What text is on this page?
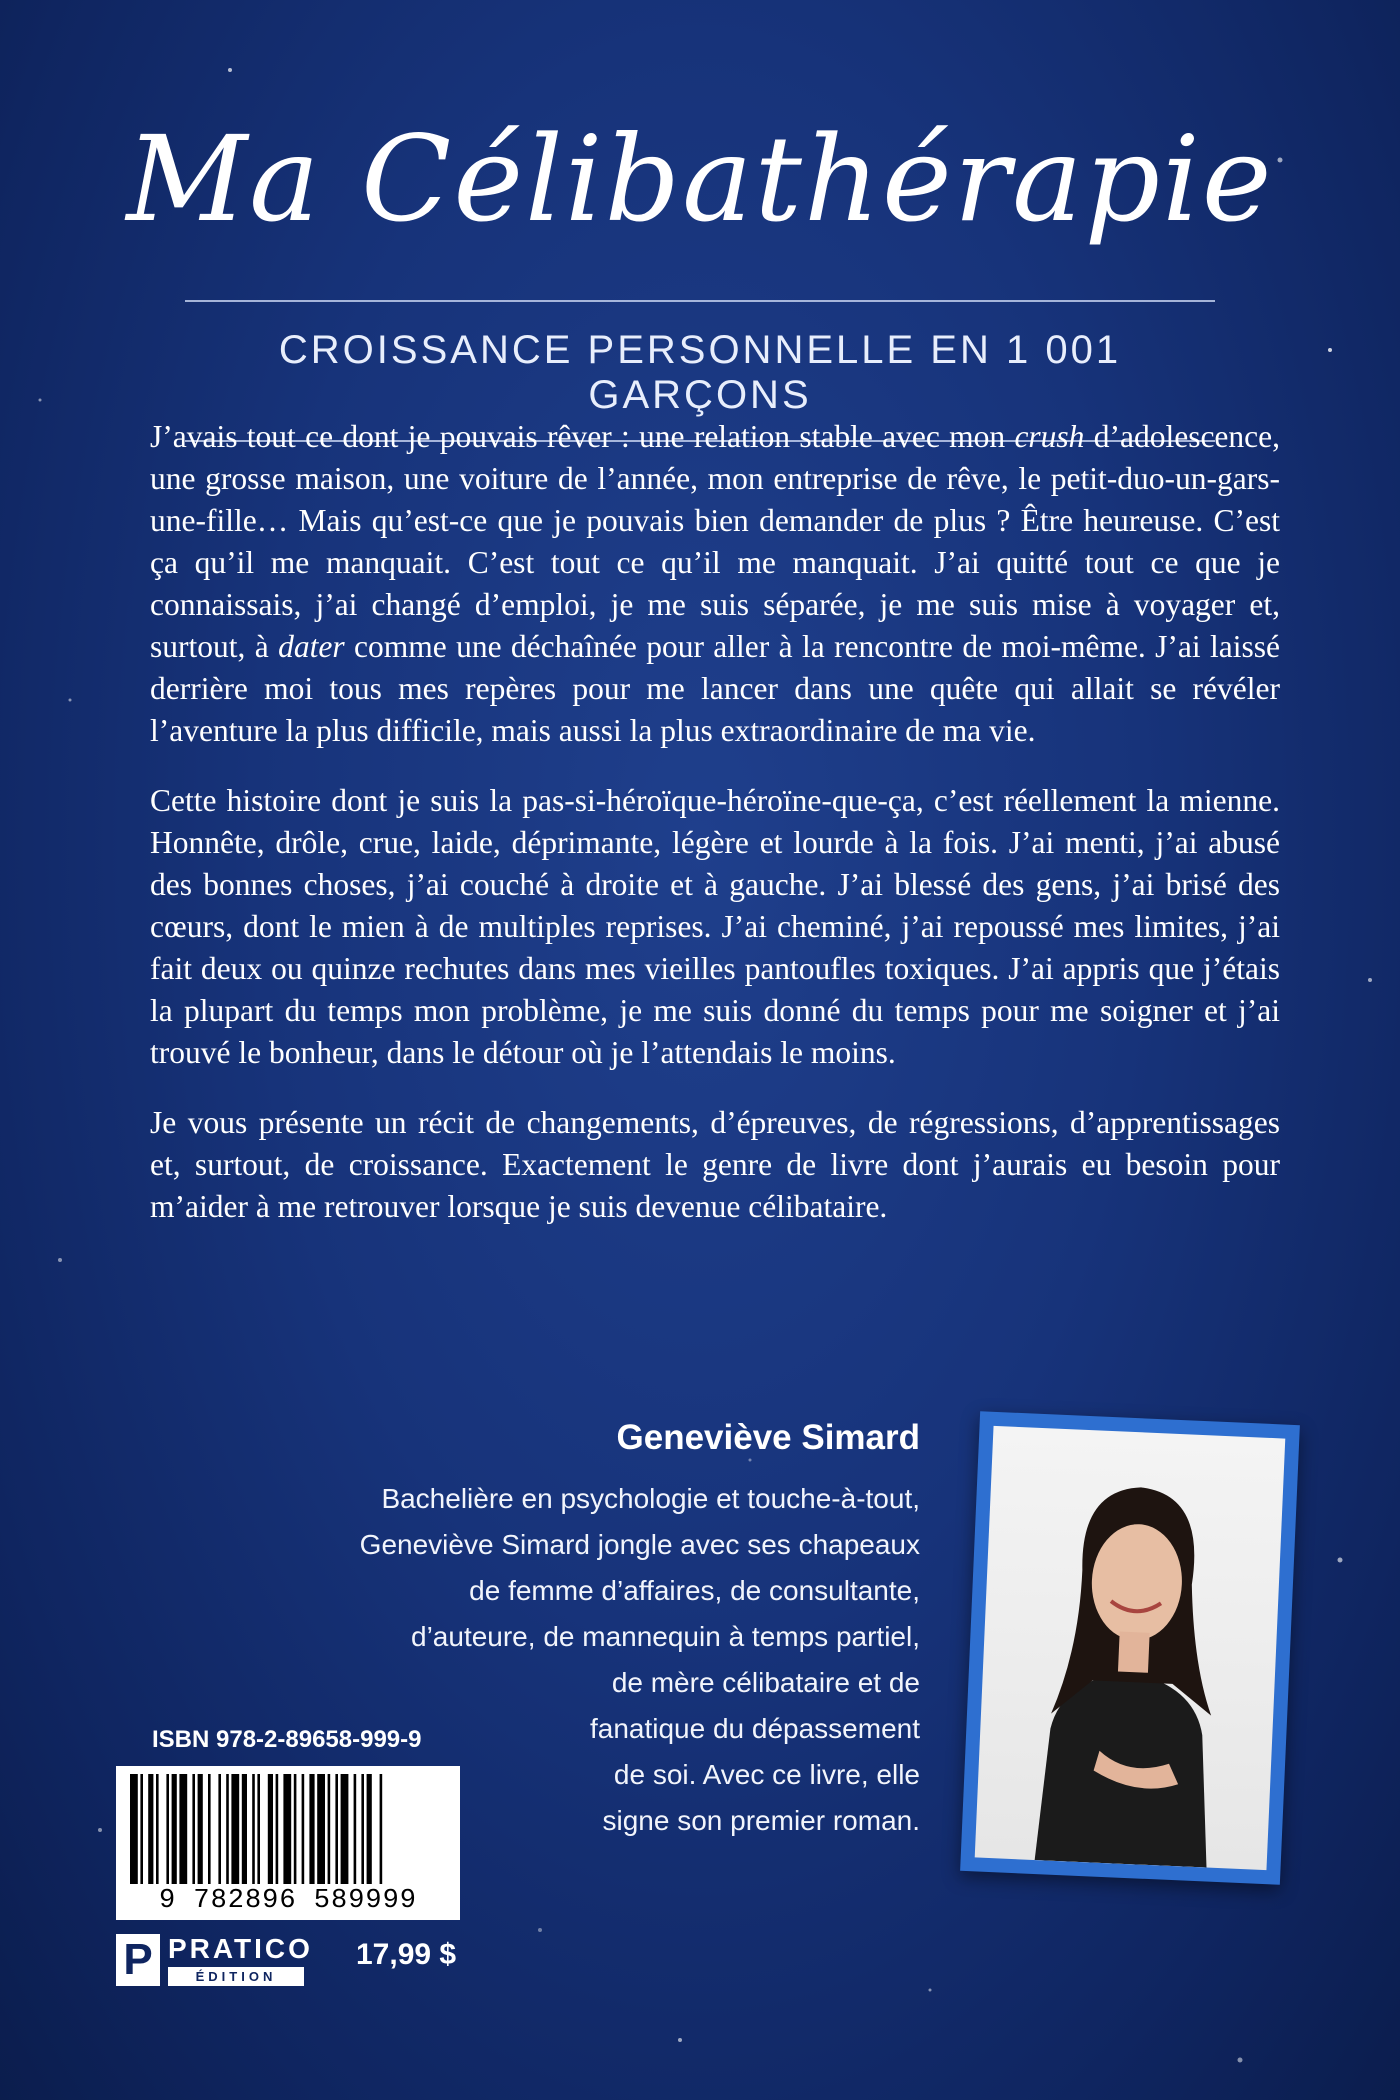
Ma Célibathérapie
CROISSANCE PERSONNELLE EN 1 001 GARÇONS

J’avais tout ce dont je pouvais rêver : une relation stable avec mon crush d’adolescence, une grosse maison, une voiture de l’année, mon entreprise de rêve, le petit-duo-un-gars-une-fille… Mais qu’est-ce que je pouvais bien demander de plus ? Être heureuse. C’est ça qu’il me manquait. C’est tout ce qu’il me manquait. J’ai quitté tout ce que je connaissais, j’ai changé d’emploi, je me suis séparée, je me suis mise à voyager et, surtout, à dater comme une déchaînée pour aller à la rencontre de moi-même. J’ai laissé derrière moi tous mes repères pour me lancer dans une quête qui allait se révéler l’aventure la plus difficile, mais aussi la plus extraordinaire de ma vie.

Cette histoire dont je suis la pas-si-héroïque-héroïne-que-ça, c’est réellement la mienne. Honnête, drôle, crue, laide, déprimante, légère et lourde à la fois. J’ai menti, j’ai abusé des bonnes choses, j’ai couché à droite et à gauche. J’ai blessé des gens, j’ai brisé des cœurs, dont le mien à de multiples reprises. J’ai cheminé, j’ai repoussé mes limites, j’ai fait deux ou quinze rechutes dans mes vieilles pantoufles toxiques. J’ai appris que j’étais la plupart du temps mon problème, je me suis donné du temps pour me soigner et j’ai trouvé le bonheur, dans le détour où je l’attendais le moins.

Je vous présente un récit de changements, d’épreuves, de régressions, d’apprentissages et, surtout, de croissance. Exactement le genre de livre dont j’aurais eu besoin pour m’aider à me retrouver lorsque je suis devenue célibataire.

Geneviève Simard
Bachelière en psychologie et touche-à-tout,
Geneviève Simard jongle avec ses chapeaux
de femme d’affaires, de consultante,
d’auteure, de mannequin à temps partiel,
de mère célibataire et de
fanatique du dépassement
de soi. Avec ce livre, elle
signe son premier roman.
ISBN 978-2-89658-999-9
9 782896 589999
P PRATICO
ÉDITION
17,99 $
